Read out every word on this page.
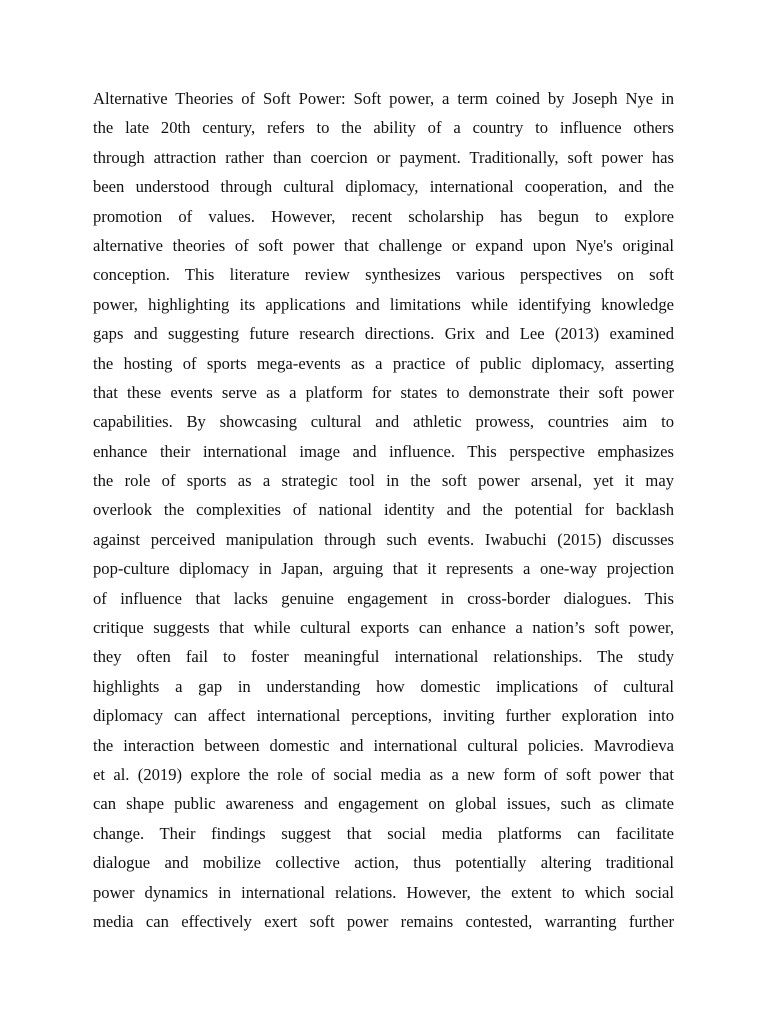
Alternative Theories of Soft Power: Soft power, a term coined by Joseph Nye in
the late 20th century, refers to the ability of a country to influence others
through attraction rather than coercion or payment. Traditionally, soft power has
been understood through cultural diplomacy, international cooperation, and the
promotion of values. However, recent scholarship has begun to explore
alternative theories of soft power that challenge or expand upon Nye's original
conception. This literature review synthesizes various perspectives on soft
power, highlighting its applications and limitations while identifying knowledge
gaps and suggesting future research directions. Grix and Lee (2013) examined
the hosting of sports mega-events as a practice of public diplomacy, asserting
that these events serve as a platform for states to demonstrate their soft power
capabilities. By showcasing cultural and athletic prowess, countries aim to
enhance their international image and influence. This perspective emphasizes
the role of sports as a strategic tool in the soft power arsenal, yet it may
overlook the complexities of national identity and the potential for backlash
against perceived manipulation through such events. Iwabuchi (2015) discusses
pop-culture diplomacy in Japan, arguing that it represents a one-way projection
of influence that lacks genuine engagement in cross-border dialogues. This
critique suggests that while cultural exports can enhance a nation’s soft power,
they often fail to foster meaningful international relationships. The study
highlights a gap in understanding how domestic implications of cultural
diplomacy can affect international perceptions, inviting further exploration into
the interaction between domestic and international cultural policies. Mavrodieva
et al. (2019) explore the role of social media as a new form of soft power that
can shape public awareness and engagement on global issues, such as climate
change. Their findings suggest that social media platforms can facilitate
dialogue and mobilize collective action, thus potentially altering traditional
power dynamics in international relations. However, the extent to which social
media can effectively exert soft power remains contested, warranting further
